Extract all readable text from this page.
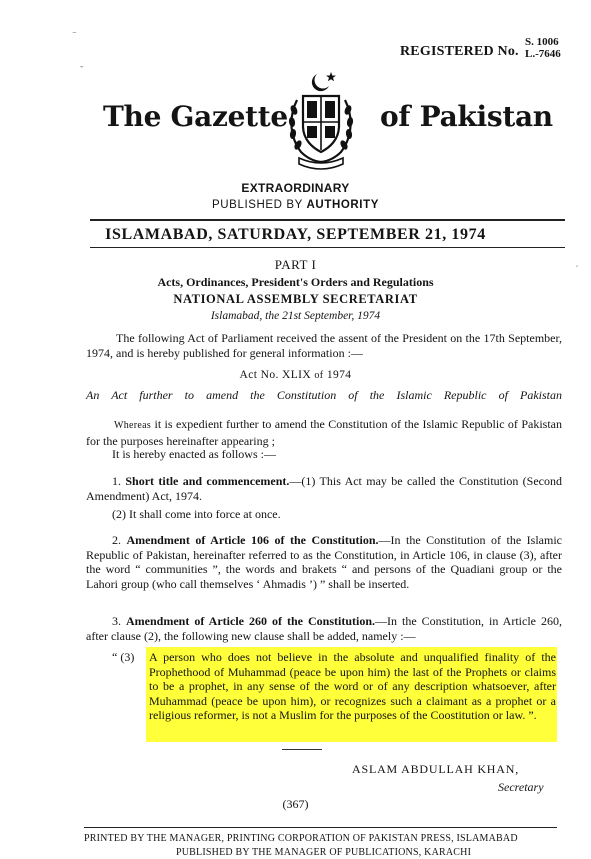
⁻
-
′
REGISTERED No.
S. 1006
L.-7646
The Gazette	of Pakistan
EXTRAORDINARY
PUBLISHED BY AUTHORITY
ISLAMABAD, SATURDAY, SEPTEMBER 21, 1974
PART I
Acts, Ordinances, President's Orders and Regulations
NATIONAL ASSEMBLY SECRETARIAT
Islamabad, the 21st September, 1974
The following Act of Parliament received the assent of the President on the 17th September, 1974, and is hereby published for general information :—
Act No. XLIX of 1974
An Act further to amend the Constitution of the Islamic Republic of Pakistan
Whereas it is expedient further to amend the Constitution of the Islamic Republic of Pakistan for the purposes hereinafter appearing ;
It is hereby enacted as follows :—
1. Short title and commencement.—(1) This Act may be called the Constitution (Second Amendment) Act, 1974.
(2) It shall come into force at once.
2. Amendment of Article 106 of the Constitution.—In the Constitution of the Islamic Republic of Pakistan, hereinafter referred to as the Constitution, in Article 106, in clause (3), after the word “ communities ”, the words and brakets “ and persons of the Quadiani group or the Lahori group (who call themselves ‘ Ahmadis ’) ” shall be inserted.
3. Amendment of Article 260 of the Constitution.—In the Constitution, in Article 260, after clause (2), the following new clause shall be added, namely :—
“ (3) A person who does not believe in the absolute and unqualified finality of the Prophethood of Muhammad (peace be upon him) the last of the Prophets or claims to be a prophet, in any sense of the word or of any description whatsoever, after Muhammad (peace be upon him), or recognizes such a claimant as a prophet or a religious reformer, is not a Muslim for the purposes of the Coostitution or law. ”.
ASLAM ABDULLAH KHAN,
Secretary
(367)
PRINTED BY THE MANAGER, PRINTING CORPORATION OF PAKISTAN PRESS, ISLAMABAD
PUBLISHED BY THE MANAGER OF PUBLICATIONS, KARACHI
